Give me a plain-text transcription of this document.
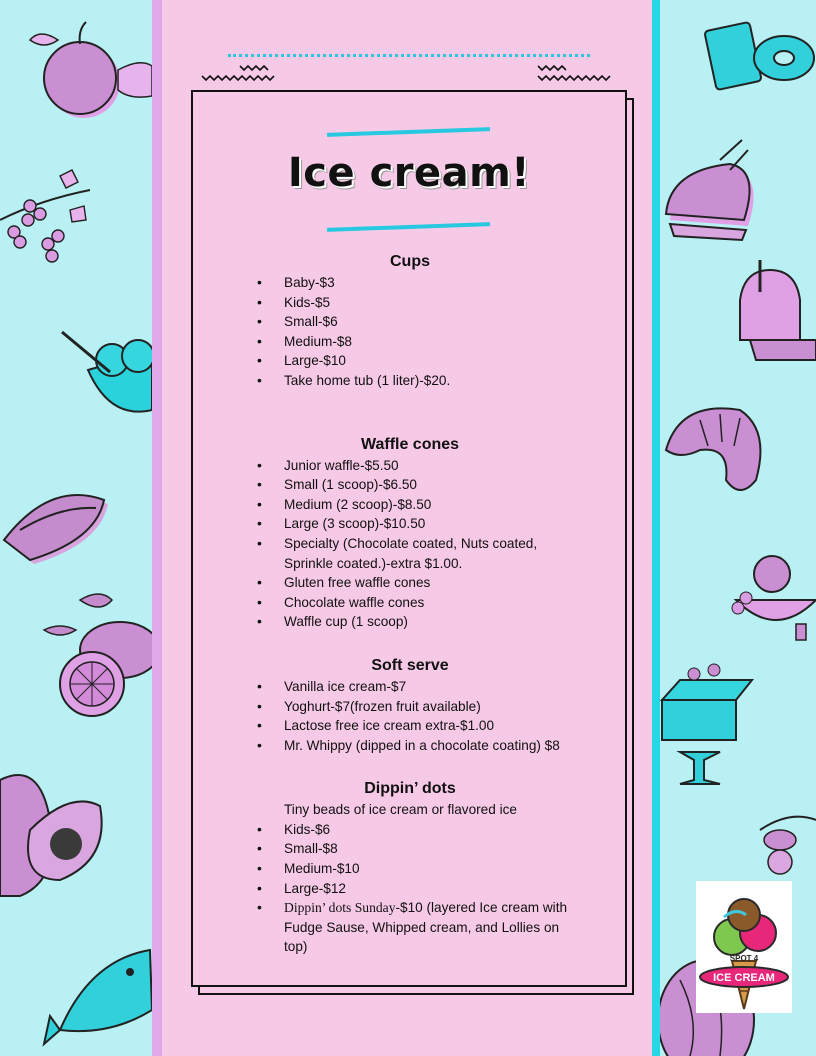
Ice cream!
Cups
• Baby-$3
• Kids-$5
• Small-$6
• Medium-$8
• Large-$10
• Take home tub (1 liter)-$20.
Waffle cones
• Junior waffle-$5.50
• Small (1 scoop)-$6.50
• Medium (2 scoop)-$8.50
• Large (3 scoop)-$10.50
• Specialty (Chocolate coated, Nuts coated, Sprinkle coated.)-extra $1.00.
• Gluten free waffle cones
• Chocolate waffle cones
• Waffle cup (1 scoop)
Soft serve
• Vanilla ice cream-$7
• Yoghurt-$7(frozen fruit available)
• Lactose free ice cream extra-$1.00
• Mr. Whippy (dipped in a chocolate coating) $8
Dippin’ dots
Tiny beads of ice cream or flavored ice
• Kids-$6
• Small-$8
• Medium-$10
• Large-$12
• Dippin’ dots Sunday-$10 (layered Ice cream with Fudge Sause, Whipped cream, and Lollies on top)
SPOT 4
ICE CREAM
